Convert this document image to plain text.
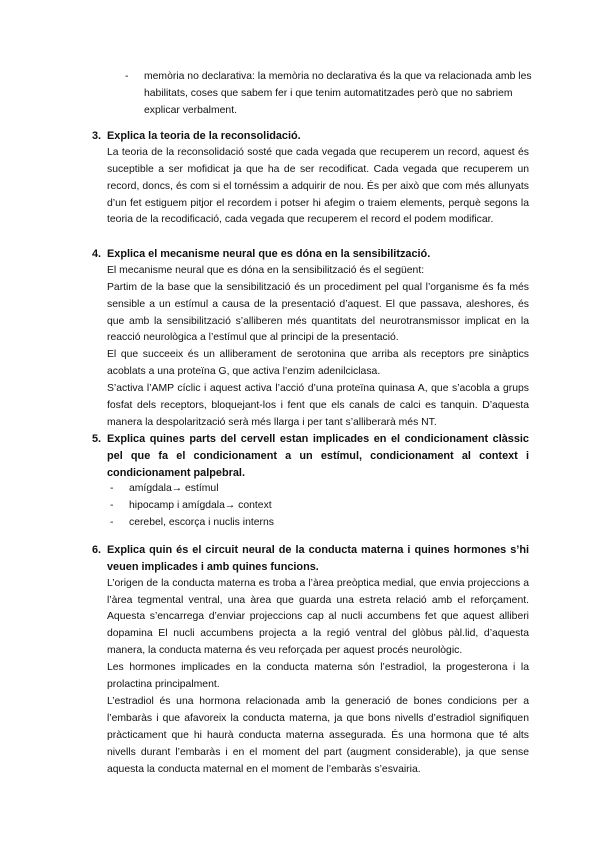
- memòria no declarativa: la memòria no declarativa és la que va relacionada amb les habilitats, coses que sabem fer i que tenim automatitzades però que no sabriem explicar verbalment.
3. Explica la teoria de la reconsolidació.

La teoria de la reconsolidació sosté que cada vegada que recuperem un record, aquest és suceptible a ser mofidicat ja que ha de ser recodificat. Cada vegada que recuperem un record, doncs, és com si el tornéssim a adquirir de nou. És per això que com més allunyats d’un fet estiguem pitjor el recordem i potser hi afegim o traiem elements, perquè segons la teoria de la recodificació, cada vegada que recuperem el record el podem modificar.

4. Explica el mecanisme neural que es dóna en la sensibilització.

El mecanisme neural que es dóna en la sensibilització és el següent:

Partim de la base que la sensibilització és un procediment pel qual l’organisme és fa més sensible a un estímul a causa de la presentació d’aquest. El que passava, aleshores, és que amb la sensibilització s’alliberen més quantitats del neurotransmissor implicat en la reacció neurològica a l’estímul que al principi de la presentació.

El que succeeix és un alliberament de serotonina que arriba als receptors pre sinàptics acoblats a una proteïna G, que activa l’enzim adenilciclasa.

S’activa l’AMP cíclic i aquest activa l’acció d’una proteïna quinasa A, que s’acobla a grups fosfat dels receptors, bloquejant-los i fent que els canals de calci es tanquin. D’aquesta manera la despolarització serà més llarga i per tant s’alliberarà més NT.

5. Explica quines parts del cervell estan implicades en el condicionament clàssic pel que fa el condicionament a un estímul, condicionament al context i condicionament palpebral.
- amígdala→ estímul
- hipocamp i amígdala→ context
- cerebel, escorça i nuclis interns
6. Explica quin és el circuit neural de la conducta materna i quines hormones s’hi veuen implicades i amb quines funcions.

L’origen de la conducta materna es troba a l’àrea preòptica medial, que envia projeccions a l’àrea tegmental ventral, una àrea que guarda una estreta relació amb el reforçament. Aquesta s’encarrega d’enviar projeccions cap al nucli accumbens fet que aquest alliberi dopamina El nucli accumbens projecta a la regió ventral del glòbus pàl.lid, d’aquesta manera, la conducta materna és veu reforçada per aquest procés neurològic.

Les hormones implicades en la conducta materna són l’estradiol, la progesterona i la prolactina principalment.

L’estradiol és una hormona relacionada amb la generació de bones condicions per a l’embaràs i que afavoreix la conducta materna, ja que bons nivells d’estradiol signifiquen pràcticament que hi haurà conducta materna assegurada. És una hormona que té alts nivells durant l’embaràs i en el moment del part (augment considerable), ja que sense aquesta la conducta maternal en el moment de l’embaràs s’esvairia.
